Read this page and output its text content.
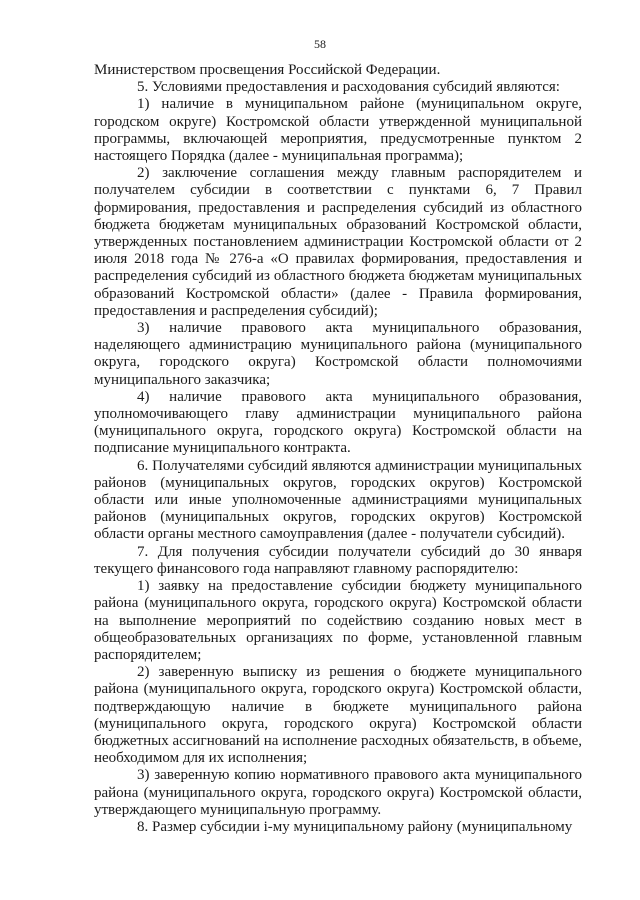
58

Министерством просвещения Российской Федерации.

5. Условиями предоставления и расходования субсидий являются:

1) наличие в муниципальном районе (муниципальном округе, городском округе) Костромской области утвержденной муниципальной программы, включающей мероприятия, предусмотренные пунктом 2 настоящего Порядка (далее - муниципальная программа);

2) заключение соглашения между главным распорядителем и получателем субсидии в соответствии с пунктами 6, 7 Правил формирования, предоставления и распределения субсидий из областного бюджета бюджетам муниципальных образований Костромской области, утвержденных постановлением администрации Костромской области от 2 июля 2018 года № 276-а «О правилах формирования, предоставления и распределения субсидий из областного бюджета бюджетам муниципальных образований Костромской области» (далее - Правила формирования, предоставления и распределения субсидий);

3) наличие правового акта муниципального образования, наделяющего администрацию муниципального района (муниципального округа, городского округа) Костромской области полномочиями муниципального заказчика;

4) наличие правового акта муниципального образования, уполномочивающего главу администрации муниципального района (муниципального округа, городского округа) Костромской области на подписание муниципального контракта.

6. Получателями субсидий являются администрации муниципальных районов (муниципальных округов, городских округов) Костромской области или иные уполномоченные администрациями муниципальных районов (муниципальных округов, городских округов) Костромской области органы местного самоуправления (далее - получатели субсидий).

7. Для получения субсидии получатели субсидий до 30 января текущего финансового года направляют главному распорядителю:

1) заявку на предоставление субсидии бюджету муниципального района (муниципального округа, городского округа) Костромской области на выполнение мероприятий по содействию созданию новых мест в общеобразовательных организациях по форме, установленной главным распорядителем;

2) заверенную выписку из решения о бюджете муниципального района (муниципального округа, городского округа) Костромской области, подтверждающую наличие в бюджете муниципального района (муниципального округа, городского округа) Костромской области бюджетных ассигнований на исполнение расходных обязательств, в объеме, необходимом для их исполнения;

3) заверенную копию нормативного правового акта муниципального района (муниципального округа, городского округа) Костромской области, утверждающего муниципальную программу.

8. Размер субсидии i-му муниципальному району (муниципальному
